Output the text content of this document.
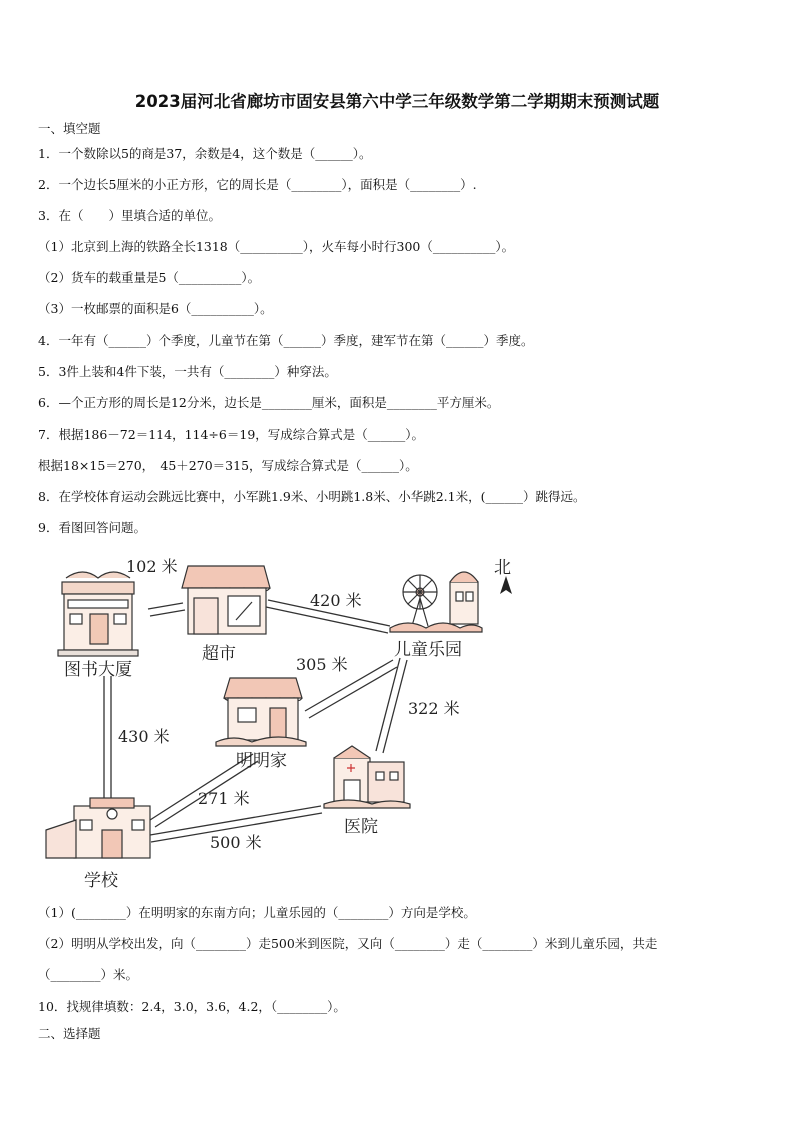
2023届河北省廊坊市固安县第六中学三年级数学第二学期期末预测试题
一、填空题
1．一个数除以5的商是37，余数是4，这个数是（______）。
2．一个边长5厘米的小正方形，它的周长是（________），面积是（________）.
3．在（　　）里填合适的单位。
（1）北京到上海的铁路全长1318（__________），火车每小时行300（__________）。
（2）货车的载重量是5（__________）。
（3）一枚邮票的面积是6（__________）。
4．一年有（______）个季度，儿童节在第（______）季度，建军节在第（______）季度。
5．3件上装和4件下装，一共有（________）种穿法。
6．—个正方形的周长是12分米，边长是________厘米，面积是________平方厘米。
7．根据186－72＝114，114÷6＝19，写成综合算式是（______）。
根据18×15＝270，　45＋270＝315，写成综合算式是（______）。
8．在学校体育运动会跳远比赛中，小军跳1.9米、小明跳1.8米、小华跳2.1米，(______）跳得远。
9．看图回答问题。
图书大厦
超市	儿童乐园
北
明明家
医院
学校
102 米
420 米
305 米
322 米
430 米
271 米
500 米
（1）(________）在明明家的东南方向；儿童乐园的（________）方向是学校。
（2）明明从学校出发，向（________）走500米到医院，又向（________）走（________）米到儿童乐园，共走
（________）米。
10．找规律填数：2.4，3.0，3.6，4.2，（________）。
二、选择题
